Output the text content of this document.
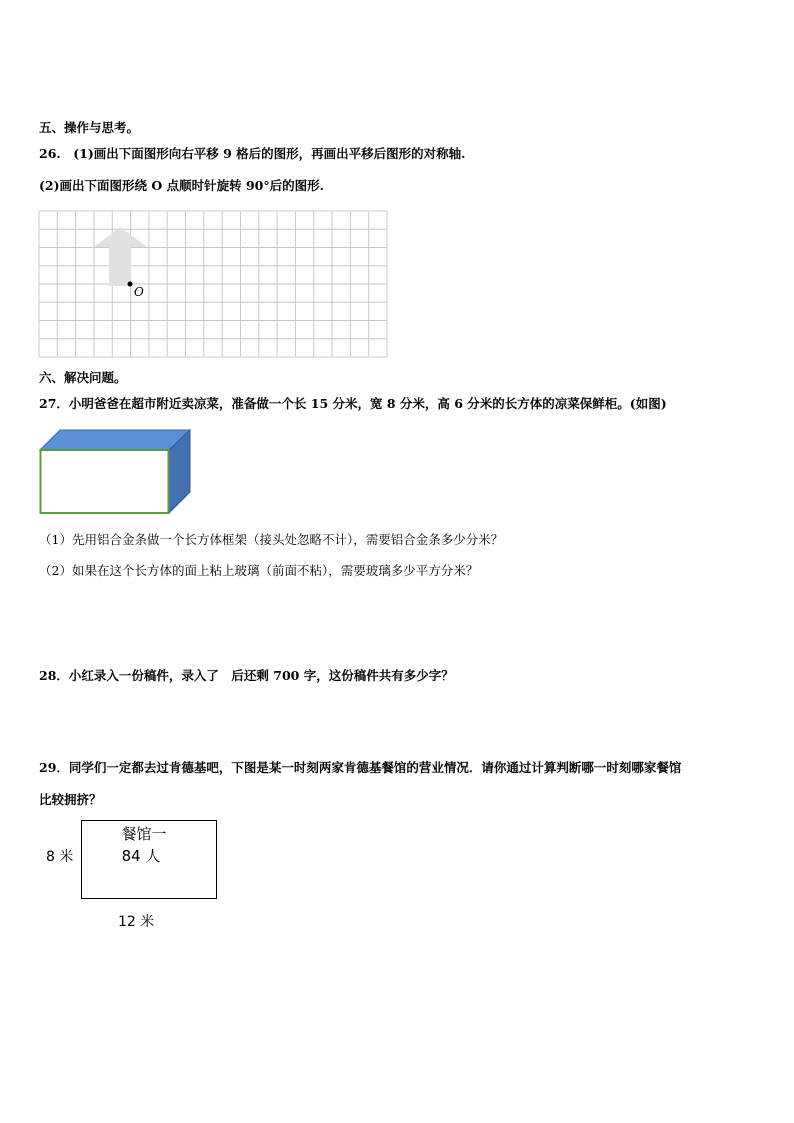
五、操作与思考。
26.　(1)画出下面图形向右平移 9 格后的图形，再画出平移后图形的对称轴.
(2)画出下面图形绕 O 点顺时针旋转 90°后的图形.
O
六、解决问题。
27．小明爸爸在超市附近卖凉菜，准备做一个长 15 分米，宽 8 分米，高 6 分米的长方体的凉菜保鲜柜。(如图)
（1）先用铝合金条做一个长方体框架（接头处忽略不计），需要铝合金条多少分米？
（2）如果在这个长方体的面上粘上玻璃（前面不粘），需要玻璃多少平方分米？
28．小红录入一份稿件，录入了　后还剩 700 字，这份稿件共有多少字？
29．同学们一定都去过肯德基吧，下图是某一时刻两家肯德基餐馆的营业情况．请你通过计算判断哪一时刻哪家餐馆
比较拥挤？
餐馆一
84 人
8 米
12 米
